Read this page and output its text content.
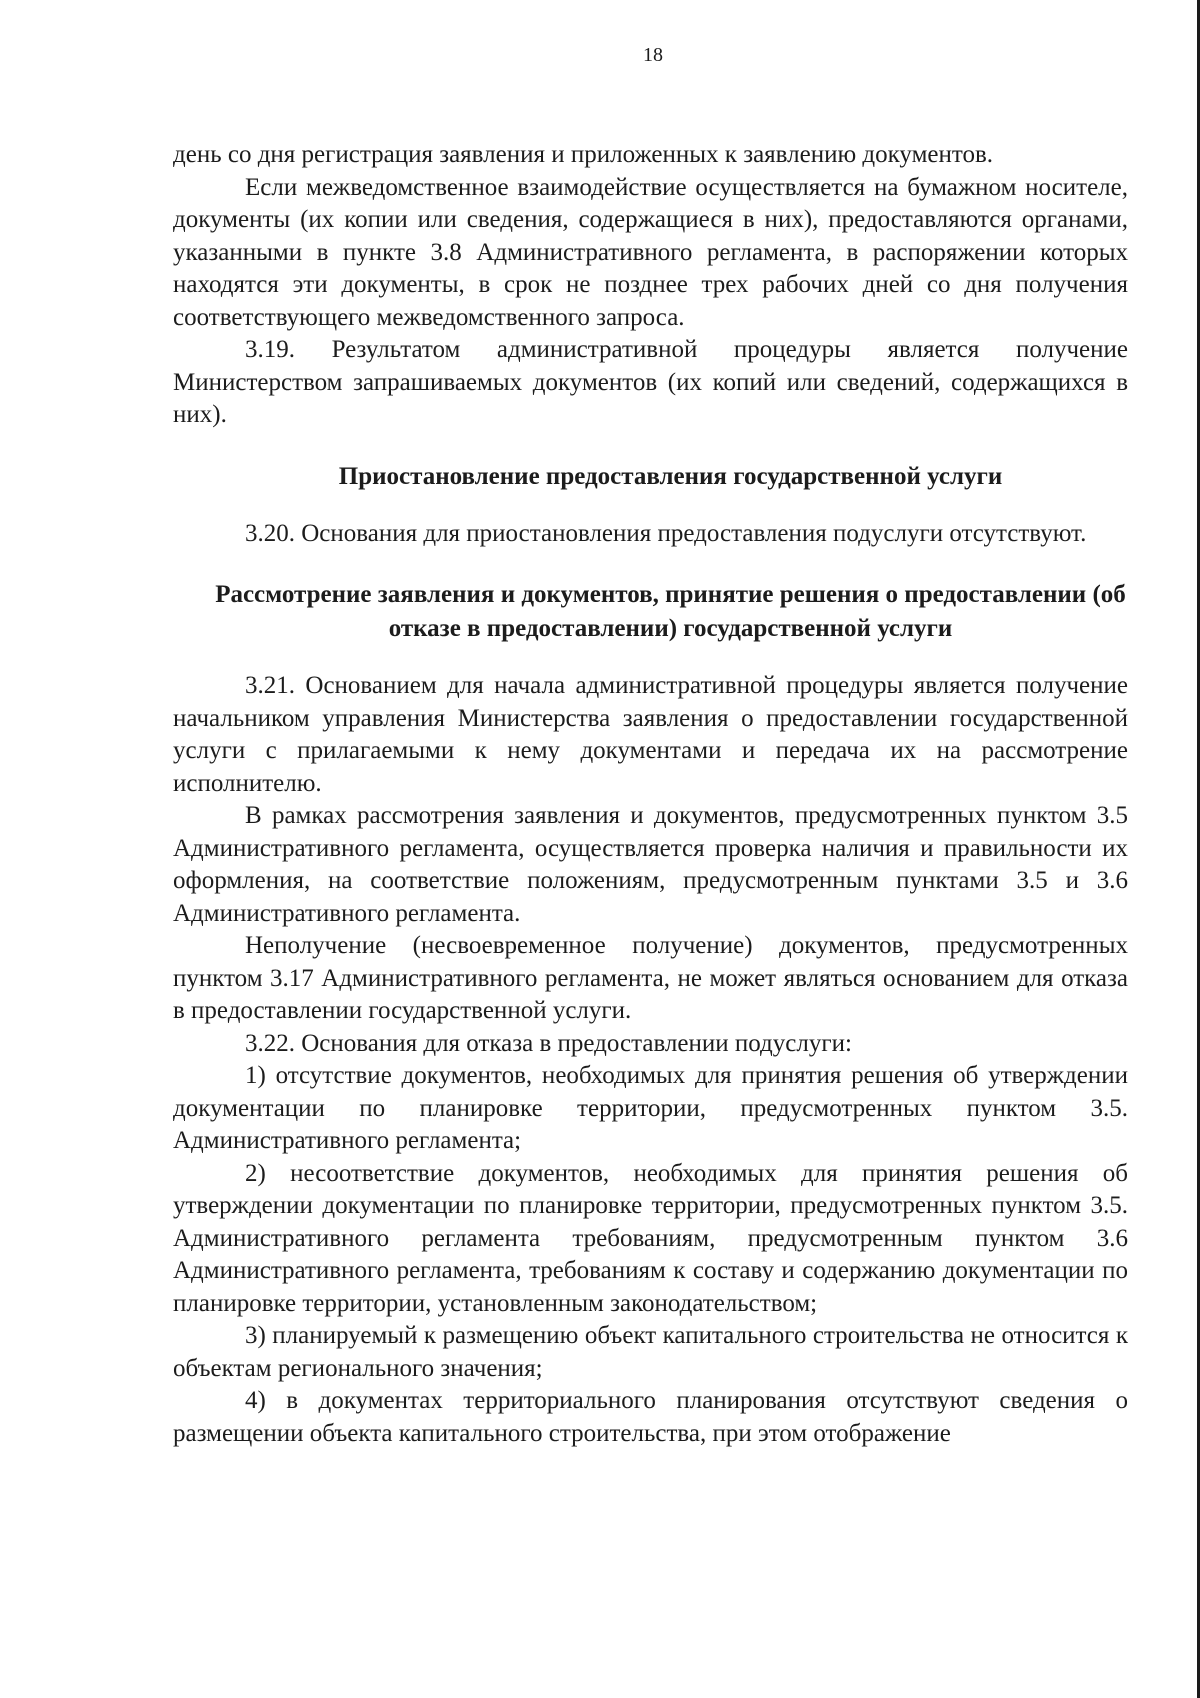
18

день со дня регистрация заявления и приложенных к заявлению документов.

Если межведомственное взаимодействие осуществляется на бумажном носителе, документы (их копии или сведения, содержащиеся в них), предоставляются органами, указанными в пункте 3.8 Административного регламента, в распоряжении которых находятся эти документы, в срок не позднее трех рабочих дней со дня получения соответствующего межведомственного запроса.

3.19. Результатом административной процедуры является получение Министерством запрашиваемых документов (их копий или сведений, содержащихся в них).

Приостановление предоставления государственной услуги

3.20. Основания для приостановления предоставления подуслуги отсутствуют.

Рассмотрение заявления и документов, принятие решения о предоставлении (об отказе в предоставлении) государственной услуги

3.21. Основанием для начала административной процедуры является получение начальником управления Министерства заявления о предоставлении государственной услуги с прилагаемыми к нему документами и передача их на рассмотрение исполнителю.

В рамках рассмотрения заявления и документов, предусмотренных пунктом 3.5 Административного регламента, осуществляется проверка наличия и правильности их оформления, на соответствие положениям, предусмотренным пунктами 3.5 и 3.6 Административного регламента.

Неполучение (несвоевременное получение) документов, предусмотренных пунктом 3.17 Административного регламента, не может являться основанием для отказа в предоставлении государственной услуги.

3.22. Основания для отказа в предоставлении подуслуги:

1) отсутствие документов, необходимых для принятия решения об утверждении документации по планировке территории, предусмотренных пунктом 3.5. Административного регламента;

2) несоответствие документов, необходимых для принятия решения об утверждении документации по планировке территории, предусмотренных пунктом 3.5. Административного регламента требованиям, предусмотренным пунктом 3.6 Административного регламента, требованиям к составу и содержанию документации по планировке территории, установленным законодательством;

3) планируемый к размещению объект капитального строительства не относится к объектам регионального значения;

4) в документах территориального планирования отсутствуют сведения о размещении объекта капитального строительства, при этом отображение
